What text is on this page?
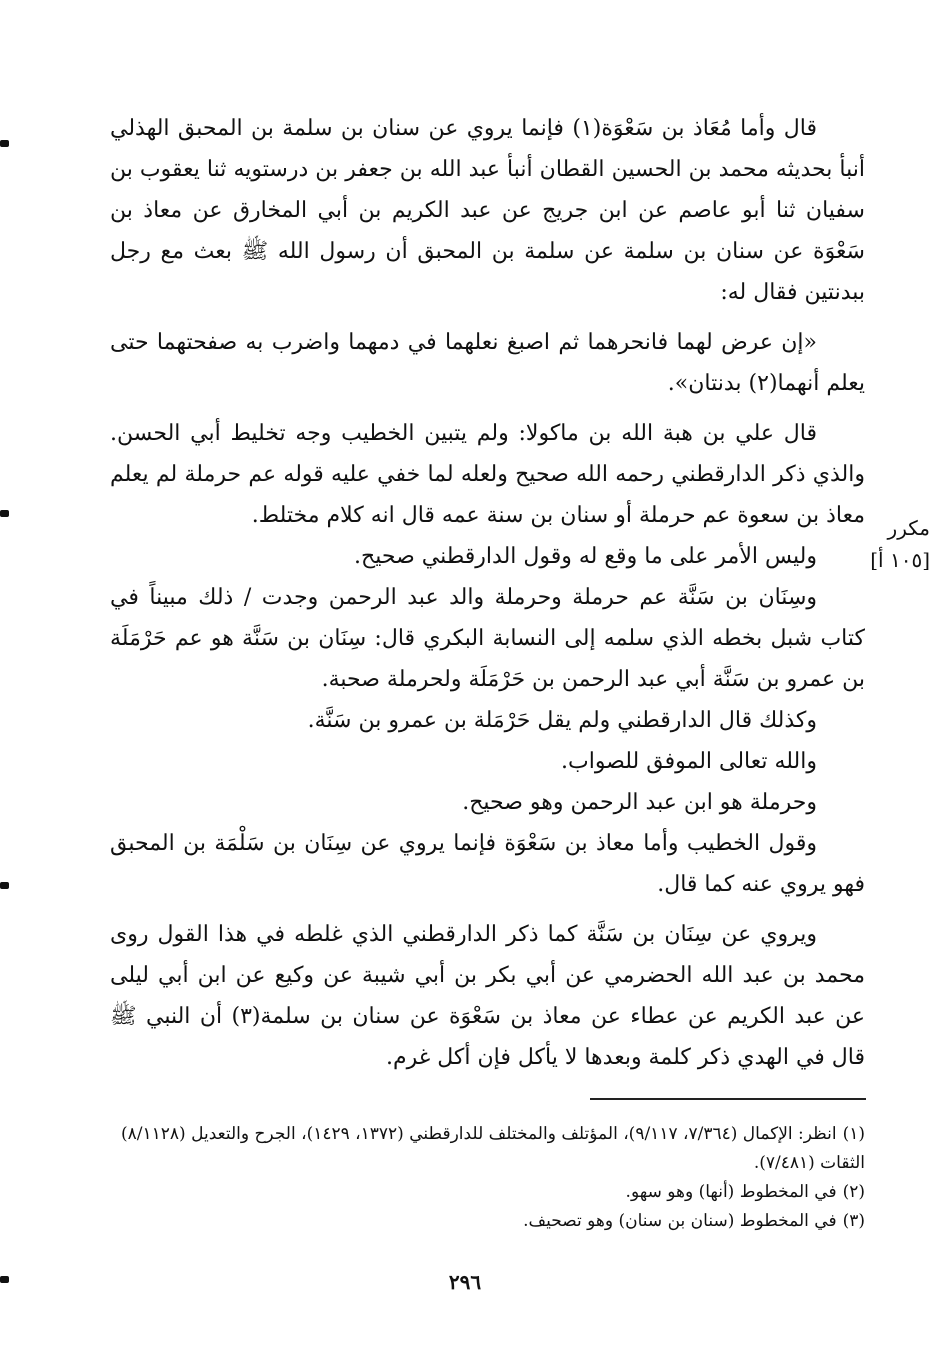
قال وأما مُعَاذ بن سَعْوَة(١) فإنما يروي عن سنان بن سلمة بن المحبق الهذلي أنبأ بحديثه محمد بن الحسين القطان أنبأ عبد الله بن جعفر بن درستويه ثنا يعقوب بن سفيان ثنا أبو عاصم عن ابن جريج عن عبد الكريم بن أبي المخارق عن معاذ بن سَعْوَة عن سنان بن سلمة عن سلمة بن المحبق أن رسول الله ﷺ بعث مع رجل ببدنتين فقال له:

«إن عرض لهما فانحرهما ثم اصبغ نعلهما في دمهما واضرب به صفحتهما حتى يعلم أنهما(٢) بدنتان».

قال علي بن هبة الله بن ماكولا: ولم يتبين الخطيب وجه تخليط أبي الحسن. والذي ذكر الدارقطني رحمه الله صحيح ولعله لما خفي عليه قوله عم حرملة لم يعلم معاذ بن سعوة عم حرملة أو سنان بن سنة عمه قال انه كلام مختلط.

وليس الأمر على ما وقع له وقول الدارقطني صحيح.

وسِنَان بن سَنَّة عم حرملة وحرملة والد عبد الرحمن وجدت / ذلك مبيناً في كتاب شبل بخطه الذي سلمه إلى النسابة البكري قال: سِنَان بن سَنَّة هو عم حَرْمَلَة بن عمرو بن سَنَّة أبي عبد الرحمن بن حَرْمَلَة ولحرملة صحبة.

وكذلك قال الدارقطني ولم يقل حَرْمَلة بن عمرو بن سَنَّة.

والله تعالى الموفق للصواب.

وحرملة هو ابن عبد الرحمن وهو صحيح.

وقول الخطيب وأما معاذ بن سَعْوَة فإنما يروي عن سِنَان بن سَلْمَة بن المحبق فهو يروي عنه كما قال.

ويروي عن سِنَان بن سَنَّة كما ذكر الدارقطني الذي غلطه في هذا القول روى محمد بن عبد الله الحضرمي عن أبي بكر بن أبي شيبة عن وكيع عن ابن أبي ليلى عن عبد الكريم عن عطاء عن معاذ بن سَعْوَة عن سنان بن سلمة(٣) أن النبي ﷺ قال في الهدي ذكر كلمة وبعدها لا يأكل فإن أكل غرم.

مكرر
[١٠٥ أ]

(١)انظر: الإكمال (٧/٣٦٤، ٩/١١٧)، المؤتلف والمختلف للدارقطني (١٣٧٢، ١٤٢٩)، الجرح والتعديل (٨/١١٢٨) الثقات (٧/٤٨١).

(٢)في المخطوط (أنها) وهو سهو.

(٣)في المخطوط (سنان بن سنان) وهو تصحيف.

٢٩٦
